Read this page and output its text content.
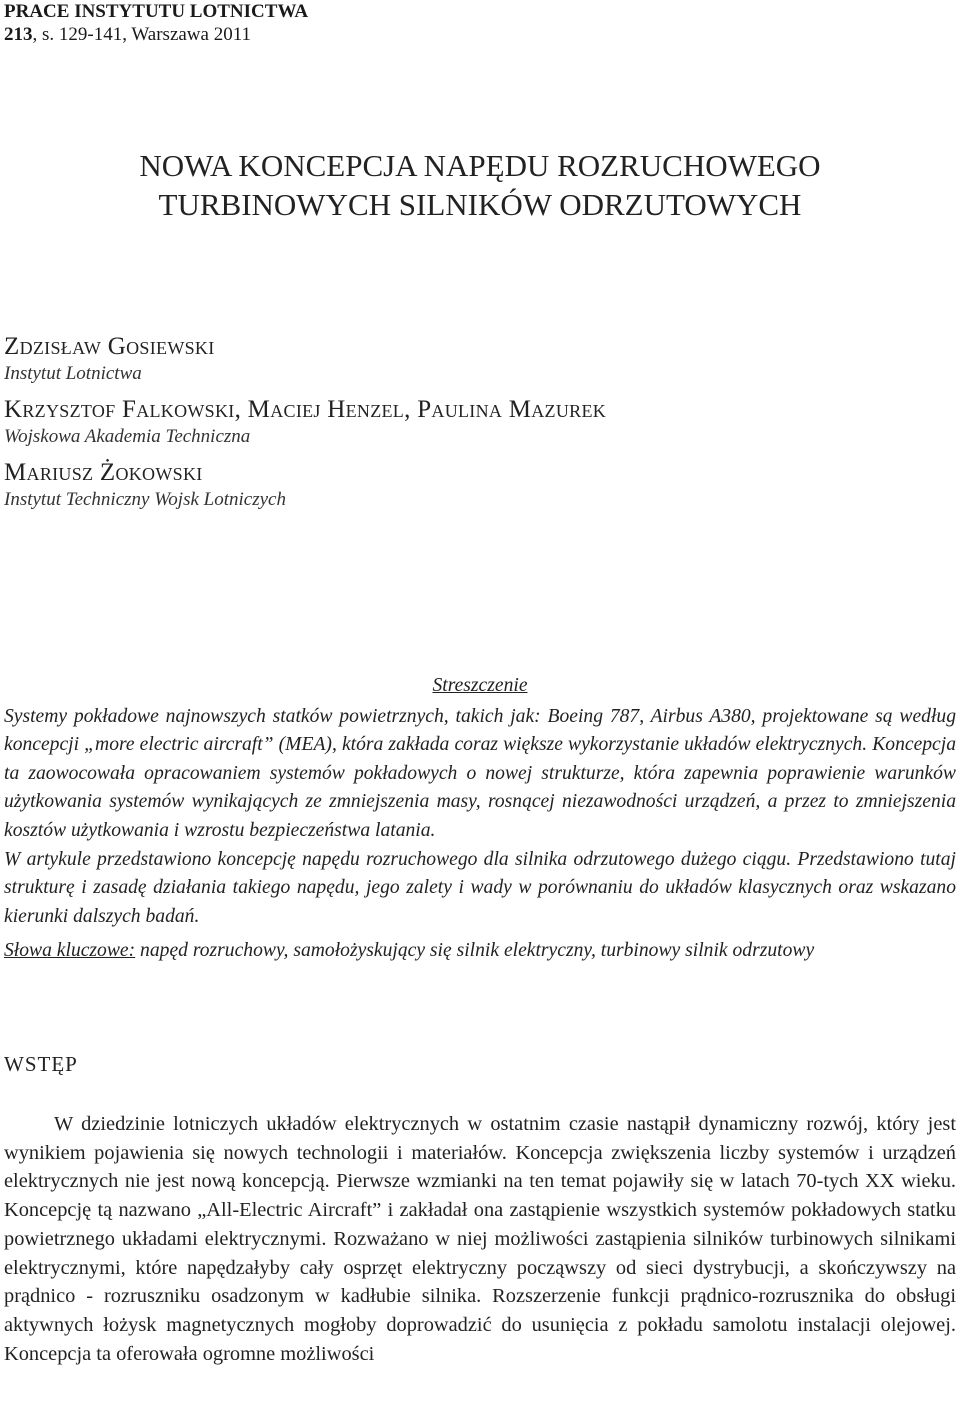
PRACE INSTYTUTU LOTNICTWA
213, s. 129-141, Warszawa 2011
NOWA KONCEPCJA NAPĘDU ROZRUCHOWEGO
TURBINOWYCH SILNIKÓW ODRZUTOWYCH

Zdzisław Gosiewski

Instytut Lotnictwa

Krzysztof Falkowski, Maciej Henzel, Paulina Mazurek

Wojskowa Akademia Techniczna

Mariusz Żokowski

Instytut Techniczny Wojsk Lotniczych

Streszczenie

Systemy pokładowe najnowszych statków powietrznych, takich jak: Boeing 787, Airbus A380, projektowane są według koncepcji „more electric aircraft” (MEA), która zakłada coraz większe wykorzystanie układów elektrycznych. Koncepcja ta zaowocowała opracowaniem systemów pokładowych o nowej strukturze, która zapewnia poprawienie warunków użytkowania systemów wynikających ze zmniejszenia masy, rosnącej niezawodności urządzeń, a przez to zmniejszenia kosztów użytkowania i wzrostu bezpieczeństwa latania.

W artykule przedstawiono koncepcję napędu rozruchowego dla silnika odrzutowego dużego ciągu. Przedstawiono tutaj strukturę i zasadę działania takiego napędu, jego zalety i wady w porównaniu do układów klasycznych oraz wskazano kierunki dalszych badań.

Słowa kluczowe: napęd rozruchowy, samołożyskujący się silnik elektryczny, turbinowy silnik odrzutowy

WSTĘP

W dziedzinie lotniczych układów elektrycznych w ostatnim czasie nastąpił dynamiczny rozwój, który jest wynikiem pojawienia się nowych technologii i materiałów. Koncepcja zwiększenia liczby systemów i urządzeń elektrycznych nie jest nową koncepcją. Pierwsze wzmianki na ten temat pojawiły się w latach 70-tych XX wieku. Koncepcję tą nazwano „All-Electric Aircraft” i zakładał ona zastąpienie wszystkich systemów pokładowych statku powietrznego układami elektrycznymi. Rozważano w niej możliwości zastąpienia silników turbinowych silnikami elektrycznymi, które napędzałyby cały osprzęt elektryczny począwszy od sieci dystrybucji, a skończywszy na prądnico - rozruszniku osadzonym w kadłubie silnika. Rozszerzenie funkcji prądnico-rozrusznika do obsługi aktywnych łożysk magnetycznych mogłoby doprowadzić do usunięcia z pokładu samolotu instalacji olejowej. Koncepcja ta oferowała ogromne możliwości
